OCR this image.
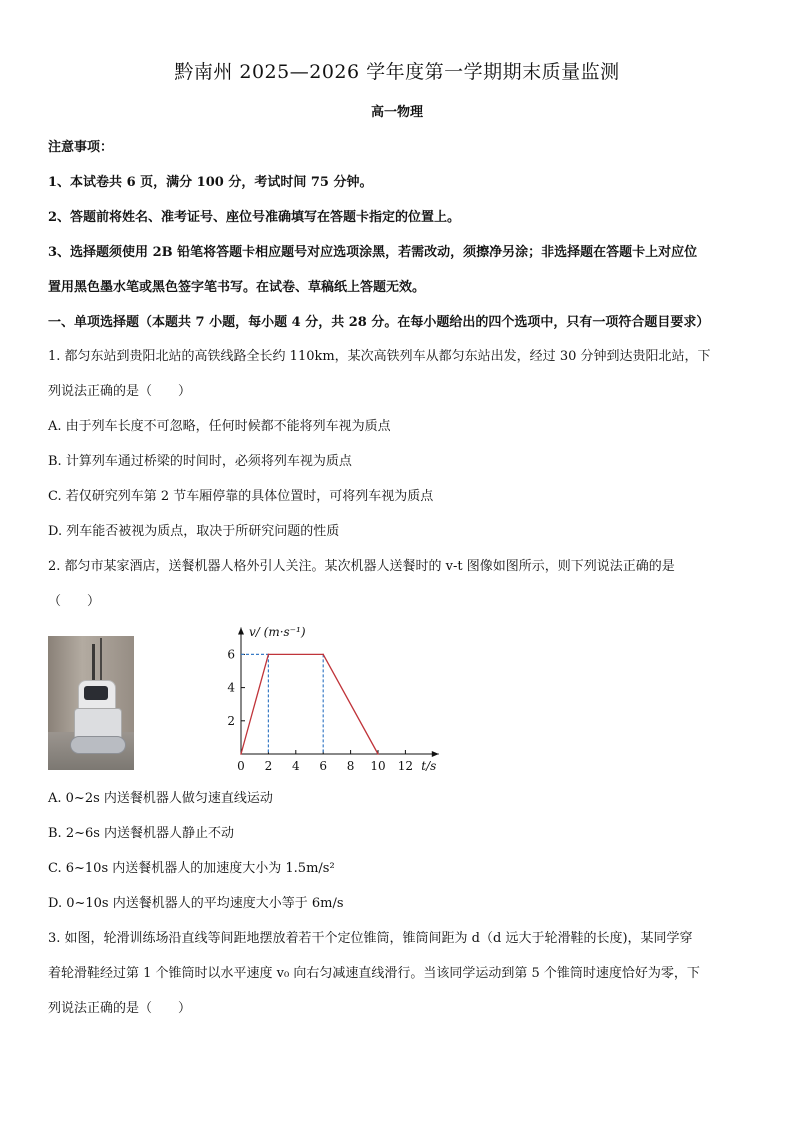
黔南州 2025—2026 学年度第一学期期末质量监测
高一物理
注意事项：
1、本试卷共 6 页，满分 100 分，考试时间 75 分钟。
2、答题前将姓名、准考证号、座位号准确填写在答题卡指定的位置上。
3、选择题须使用 2B 铅笔将答题卡相应题号对应选项涂黑，若需改动，须擦净另涂；非选择题在答题卡上对应位
置用黑色墨水笔或黑色签字笔书写。在试卷、草稿纸上答题无效。
一、单项选择题（本题共 7 小题，每小题 4 分，共 28 分。在每小题给出的四个选项中，只有一项符合题目要求）
1. 都匀东站到贵阳北站的高铁线路全长约 110km，某次高铁列车从都匀东站出发，经过 30 分钟到达贵阳北站，下
列说法正确的是（　　）
A. 由于列车长度不可忽略，任何时候都不能将列车视为质点
B. 计算列车通过桥梁的时间时，必须将列车视为质点
C. 若仅研究列车第 2 节车厢停靠的具体位置时，可将列车视为质点
D. 列车能否被视为质点，取决于所研究问题的性质
2. 都匀市某家酒店，送餐机器人格外引人关注。某次机器人送餐时的 v-t 图像如图所示，则下列说法正确的是
（　　）
0 2 4 6 8 10 12
2
4
6
v/ (m·s⁻¹)
t/s
A. 0~2s 内送餐机器人做匀速直线运动
B. 2~6s 内送餐机器人静止不动
C. 6~10s 内送餐机器人的加速度大小为 1.5m/s²
D. 0~10s 内送餐机器人的平均速度大小等于 6m/s
3. 如图，轮滑训练场沿直线等间距地摆放着若干个定位锥筒，锥筒间距为 d（d 远大于轮滑鞋的长度)，某同学穿
着轮滑鞋经过第 1 个锥筒时以水平速度 v₀ 向右匀减速直线滑行。当该同学运动到第 5 个锥筒时速度恰好为零，下
列说法正确的是（　　）
